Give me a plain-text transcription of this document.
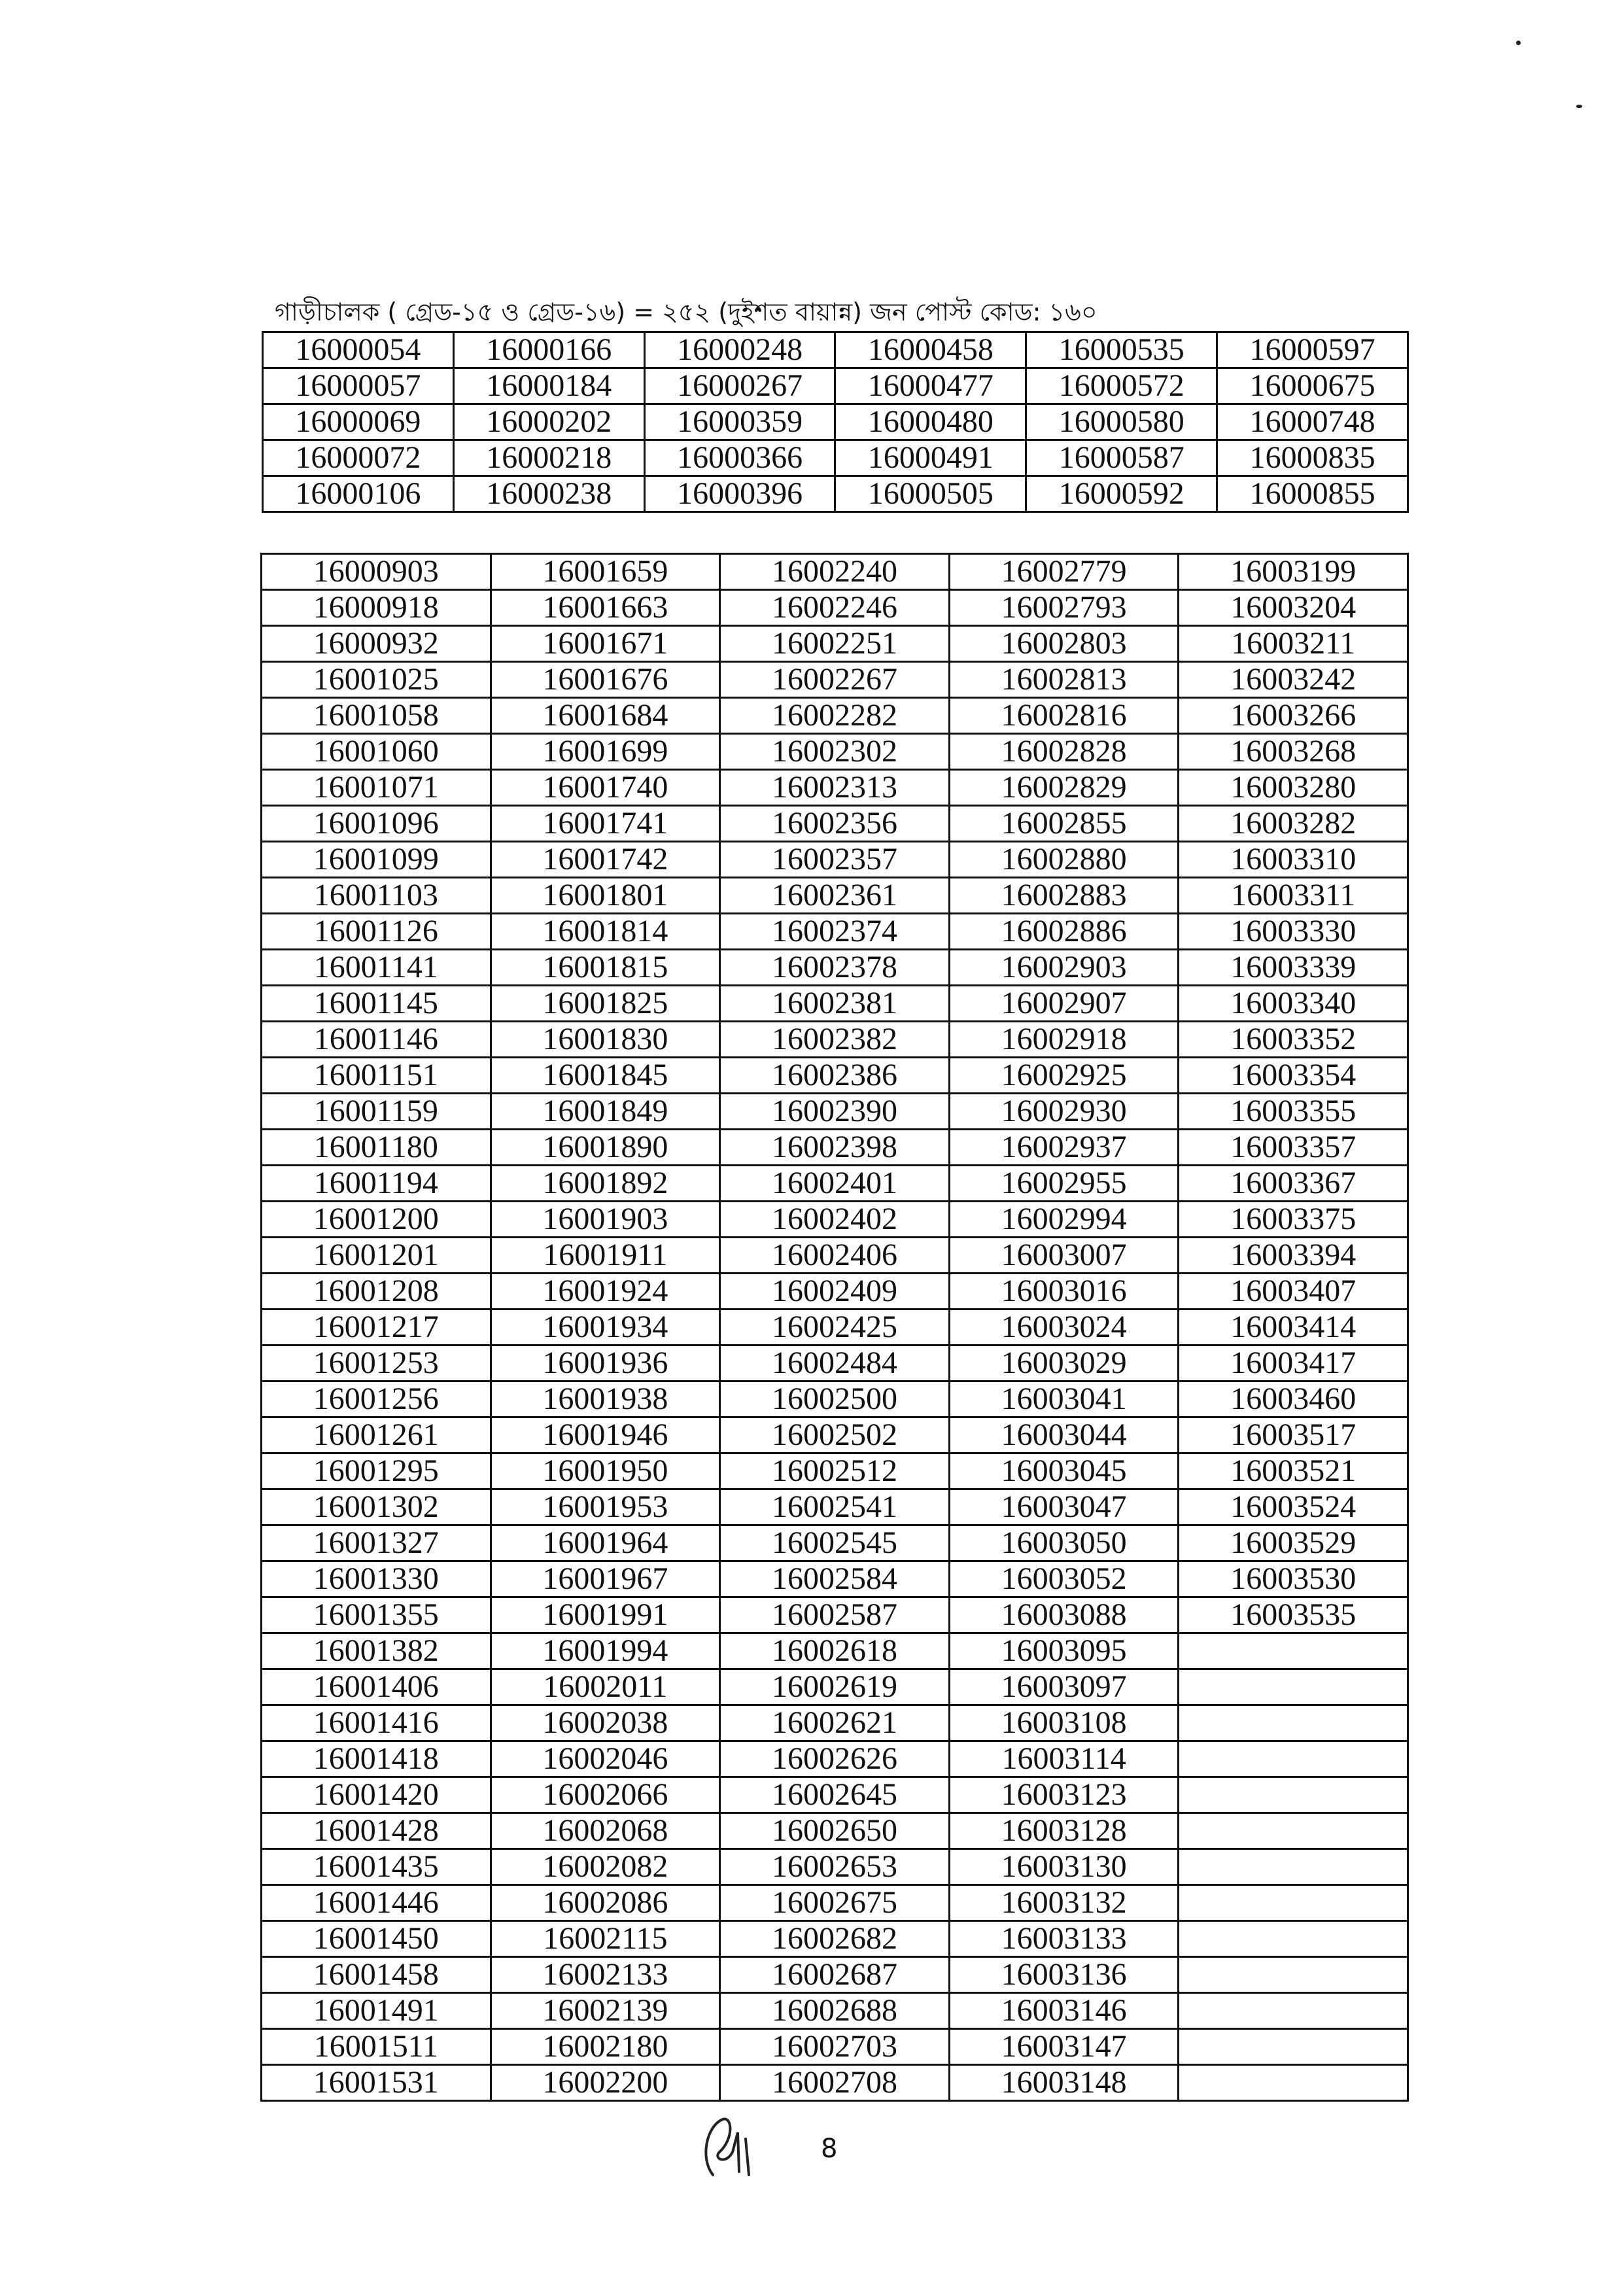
গাড়ীচালক ( গ্রেড-১৫ ও গ্রেড-১৬) = ২৫২ (দুইশত বায়ান্ন) জন পোস্ট কোড: ১৬০
16000054	16000166	16000248	16000458	16000535	16000597
16000057	16000184	16000267	16000477	16000572	16000675
16000069	16000202	16000359	16000480	16000580	16000748
16000072	16000218	16000366	16000491	16000587	16000835
16000106	16000238	16000396	16000505	16000592	16000855
16000903	16001659	16002240	16002779	16003199
16000918	16001663	16002246	16002793	16003204
16000932	16001671	16002251	16002803	16003211
16001025	16001676	16002267	16002813	16003242
16001058	16001684	16002282	16002816	16003266
16001060	16001699	16002302	16002828	16003268
16001071	16001740	16002313	16002829	16003280
16001096	16001741	16002356	16002855	16003282
16001099	16001742	16002357	16002880	16003310
16001103	16001801	16002361	16002883	16003311
16001126	16001814	16002374	16002886	16003330
16001141	16001815	16002378	16002903	16003339
16001145	16001825	16002381	16002907	16003340
16001146	16001830	16002382	16002918	16003352
16001151	16001845	16002386	16002925	16003354
16001159	16001849	16002390	16002930	16003355
16001180	16001890	16002398	16002937	16003357
16001194	16001892	16002401	16002955	16003367
16001200	16001903	16002402	16002994	16003375
16001201	16001911	16002406	16003007	16003394
16001208	16001924	16002409	16003016	16003407
16001217	16001934	16002425	16003024	16003414
16001253	16001936	16002484	16003029	16003417
16001256	16001938	16002500	16003041	16003460
16001261	16001946	16002502	16003044	16003517
16001295	16001950	16002512	16003045	16003521
16001302	16001953	16002541	16003047	16003524
16001327	16001964	16002545	16003050	16003529
16001330	16001967	16002584	16003052	16003530
16001355	16001991	16002587	16003088	16003535
16001382	16001994	16002618	16003095	
16001406	16002011	16002619	16003097	
16001416	16002038	16002621	16003108	
16001418	16002046	16002626	16003114	
16001420	16002066	16002645	16003123	
16001428	16002068	16002650	16003128	
16001435	16002082	16002653	16003130	
16001446	16002086	16002675	16003132	
16001450	16002115	16002682	16003133	
16001458	16002133	16002687	16003136	
16001491	16002139	16002688	16003146	
16001511	16002180	16002703	16003147	
16001531	16002200	16002708	16003148	
8
